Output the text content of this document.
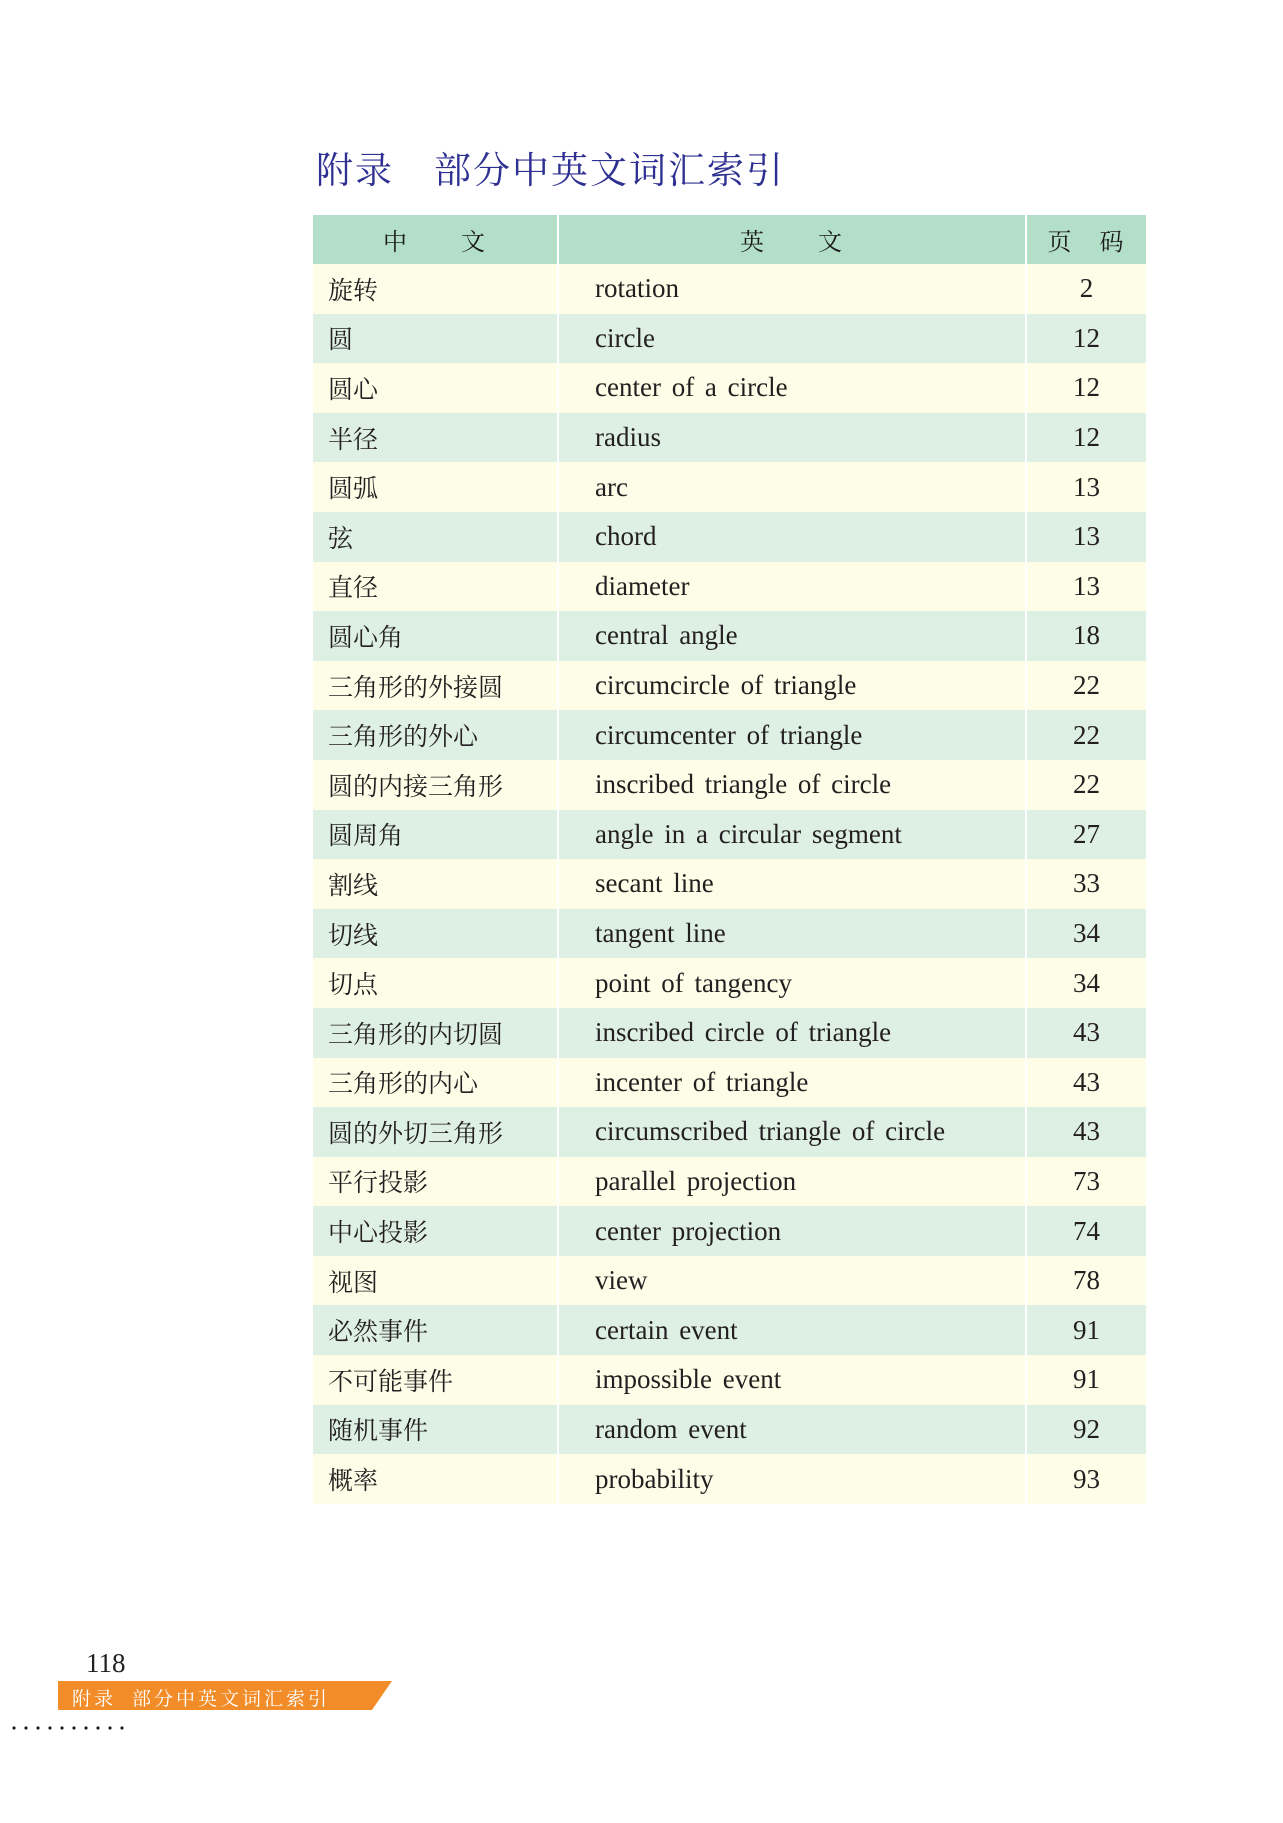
附录 部分中英文词汇索引
中　　文	英　　文	页　码
旋转	rotation	2
圆	circle	12
圆心	center of a circle	12
半径	radius	12
圆弧	arc	13
弦	chord	13
直径	diameter	13
圆心角	central angle	18
三角形的外接圆	circumcircle of triangle	22
三角形的外心	circumcenter of triangle	22
圆的内接三角形	inscribed triangle of circle	22
圆周角	angle in a circular segment	27
割线	secant line	33
切线	tangent line	34
切点	point of tangency	34
三角形的内切圆	inscribed circle of triangle	43
三角形的内心	incenter of triangle	43
圆的外切三角形	circumscribed triangle of circle	43
平行投影	parallel projection	73
中心投影	center projection	74
视图	view	78
必然事件	certain event	91
不可能事件	impossible event	91
随机事件	random event	92
概率	probability	93
118
附录 部分中英文词汇索引
